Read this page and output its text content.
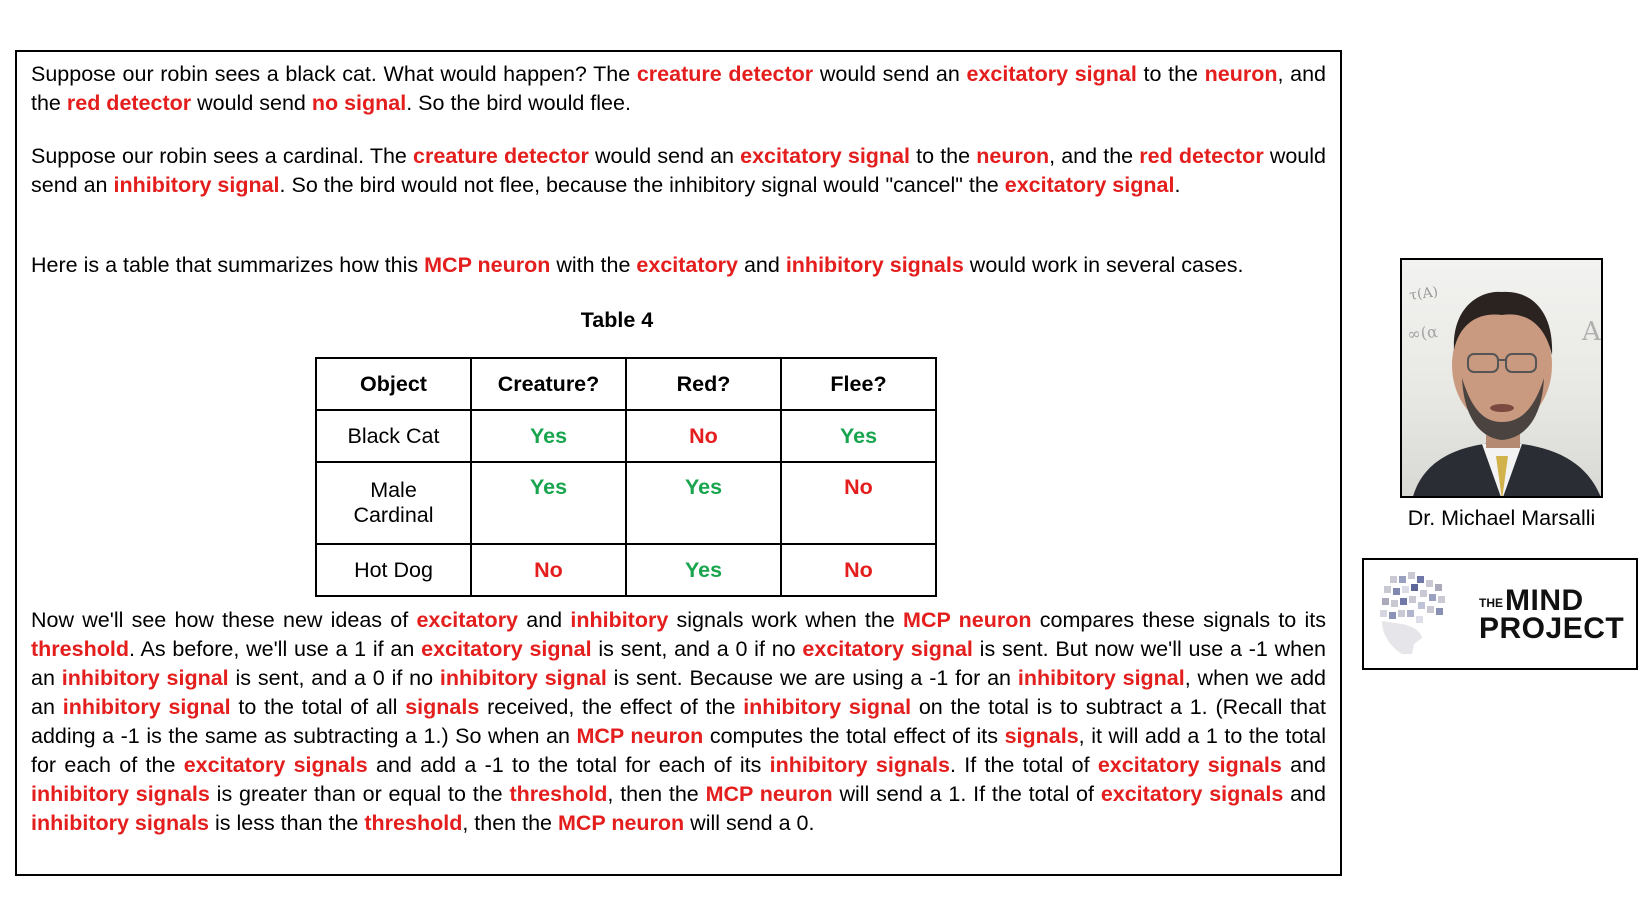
Suppose our robin sees a black cat. What would happen? The creature detector would send an excitatory signal to the neuron, and the red detector would send no signal. So the bird would flee.

Suppose our robin sees a cardinal. The creature detector would send an excitatory signal to the neuron, and the red detector would send an inhibitory signal. So the bird would not flee, because the inhibitory signal would "cancel" the excitatory signal.

Here is a table that summarizes how this MCP neuron with the excitatory and inhibitory signals would work in several cases.

Table 4
Object	Creature?	Red?	Flee?
Black Cat	Yes	No	Yes
Male Cardinal	Yes	Yes	No
Hot Dog	No	Yes	No

Now we'll see how these new ideas of excitatory and inhibitory signals work when the MCP neuron compares these signals to its threshold. As before, we'll use a 1 if an excitatory signal is sent, and a 0 if no excitatory signal is sent. But now we'll use a -1 when an inhibitory signal is sent, and a 0 if no inhibitory signal is sent. Because we are using a -1 for an inhibitory signal, when we add an inhibitory signal to the total of all signals received, the effect of the inhibitory signal on the total is to subtract a 1. (Recall that adding a -1 is the same as subtracting a 1.) So when an MCP neuron computes the total effect of its signals, it will add a 1 to the total for each of the excitatory signals and add a -1 to the total for each of its inhibitory signals. If the total of excitatory signals and inhibitory signals is greater than or equal to the threshold, then the MCP neuron will send a 1. If the total of excitatory signals and inhibitory signals is less than the threshold, then the MCP neuron will send a 0.

τ(A)
∞(α	A
Dr. Michael Marsalli
THEMIND
PROJECT
